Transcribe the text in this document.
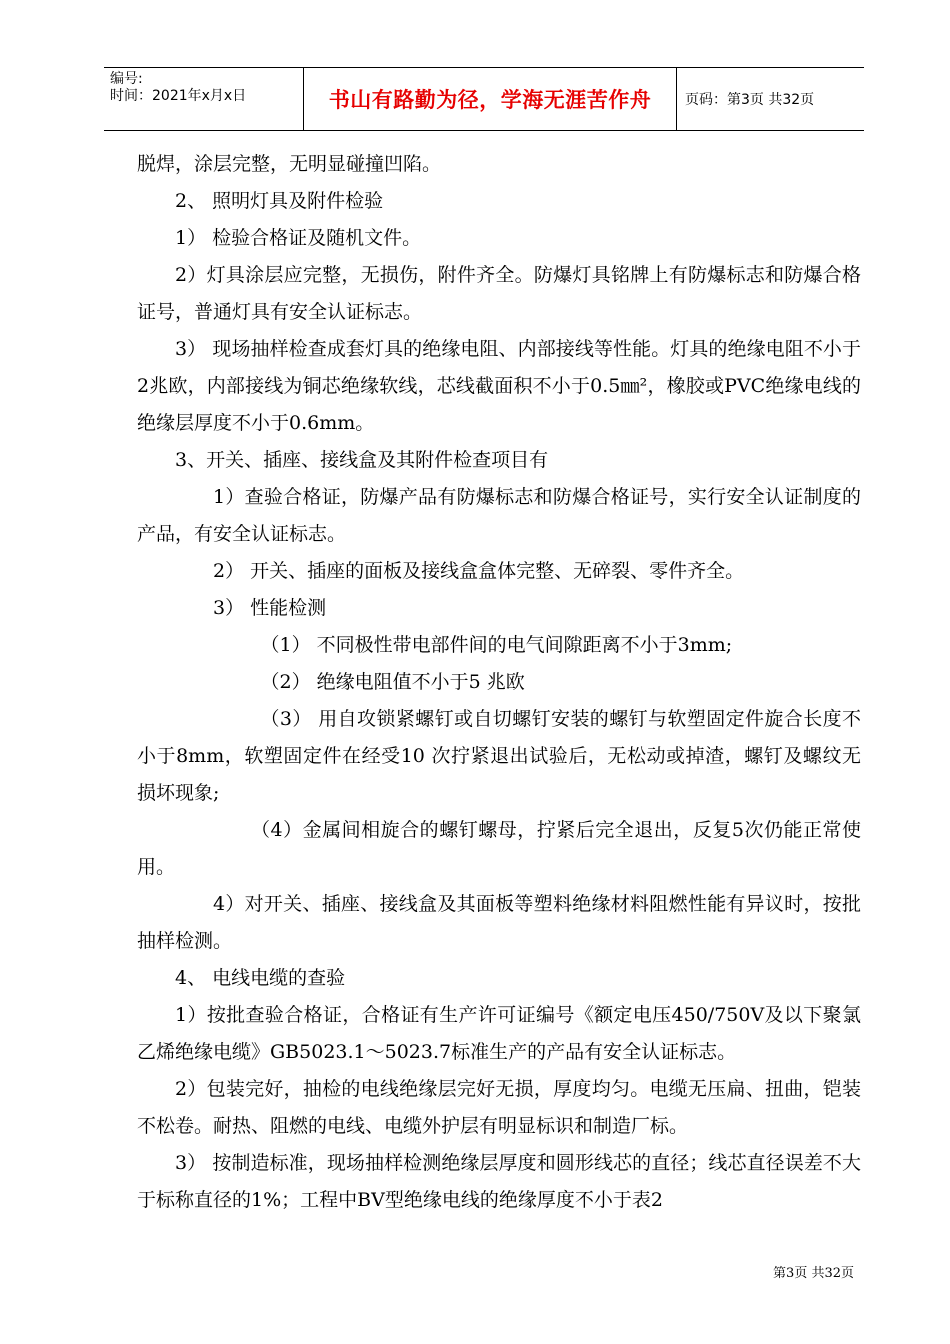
编号:
时间：2021年x月x日	书山有路勤为径，学海无涯苦作舟	页码：第3页 共32页

脱焊，涂层完整，无明显碰撞凹陷。

2、 照明灯具及附件检验

1） 检验合格证及随机文件。

2）灯具涂层应完整，无损伤，附件齐全。防爆灯具铭牌上有防爆标志和防爆合格证号，普通灯具有安全认证标志。

3） 现场抽样检查成套灯具的绝缘电阻、内部接线等性能。灯具的绝缘电阻不小于2兆欧，内部接线为铜芯绝缘软线，芯线截面积不小于0.5㎜²，橡胶或PVC绝缘电线的绝缘层厚度不小于0.6mm。

3、开关、插座、接线盒及其附件检查项目有

1）查验合格证，防爆产品有防爆标志和防爆合格证号，实行安全认证制度的产品，有安全认证标志。

2） 开关、插座的面板及接线盒盒体完整、无碎裂、零件齐全。

3） 性能检测

（1） 不同极性带电部件间的电气间隙距离不小于3mm;

（2） 绝缘电阻值不小于5 兆欧

（3） 用自攻锁紧螺钉或自切螺钉安装的螺钉与软塑固定件旋合长度不小于8mm，软塑固定件在经受10 次拧紧退出试验后，无松动或掉渣，螺钉及螺纹无损坏现象;

（4）金属间相旋合的螺钉螺母，拧紧后完全退出，反复5次仍能正常使用。

4）对开关、插座、接线盒及其面板等塑料绝缘材料阻燃性能有异议时，按批抽样检测。

4、 电线电缆的查验

1）按批查验合格证，合格证有生产许可证编号《额定电压450/750V及以下聚氯乙烯绝缘电缆》GB5023.1～5023.7标准生产的产品有安全认证标志。

2）包装完好，抽检的电线绝缘层完好无损，厚度均匀。电缆无压扁、扭曲，铠装不松卷。耐热、阻燃的电线、电缆外护层有明显标识和制造厂标。

3） 按制造标准，现场抽样检测绝缘层厚度和圆形线芯的直径；线芯直径误差不大于标称直径的1%；工程中BV型绝缘电线的绝缘厚度不小于表2

第3页 共32页
